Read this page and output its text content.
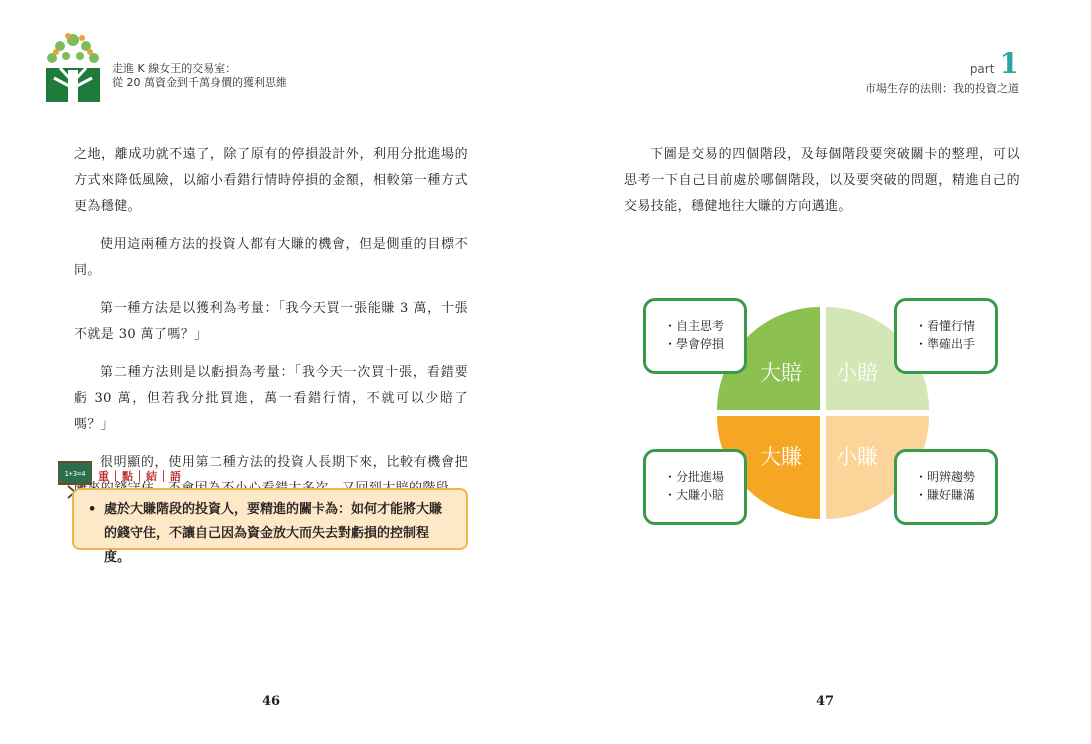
走進 K 線女王的交易室：
從 20 萬資金到千萬身價的獲利思維
part 1
市場生存的法則：我的投資之道

之地，離成功就不遠了，除了原有的停損設計外，利用分批進場的方式來降低風險，以縮小看錯行情時停損的金額，相較第一種方式更為穩健。

使用這兩種方法的投資人都有大賺的機會，但是側重的目標不同。

第一種方法是以獲利為考量：「我今天買一張能賺 3 萬，十張不就是 30 萬了嗎？」

第二種方法則是以虧損為考量：「我今天一次買十張，看錯要虧 30 萬，但若我分批買進，萬一看錯行情，不就可以少賠了嗎？」

很明顯的，使用第二種方法的投資人長期下來，比較有機會把

1+3=4 重｜點｜結｜語
• 處於大賺階段的投資人，要精進的關卡為：如何才能將大賺的錢守住，不讓自己因為資金放大而失去對虧損的控制程度。
46

下圖是交易的四個階段，及每個階段要突破關卡的整理，可以思考一下自己目前處於哪個階段，以及要突破的問題，精進自己的交易技能，穩健地往大賺的方向邁進。

大賠 小賠
大賺 小賺
・自主思考
・學會停損
・看懂行情
・準確出手
・分批進場
・大賺小賠
・明辨趨勢
・賺好賺滿
47
